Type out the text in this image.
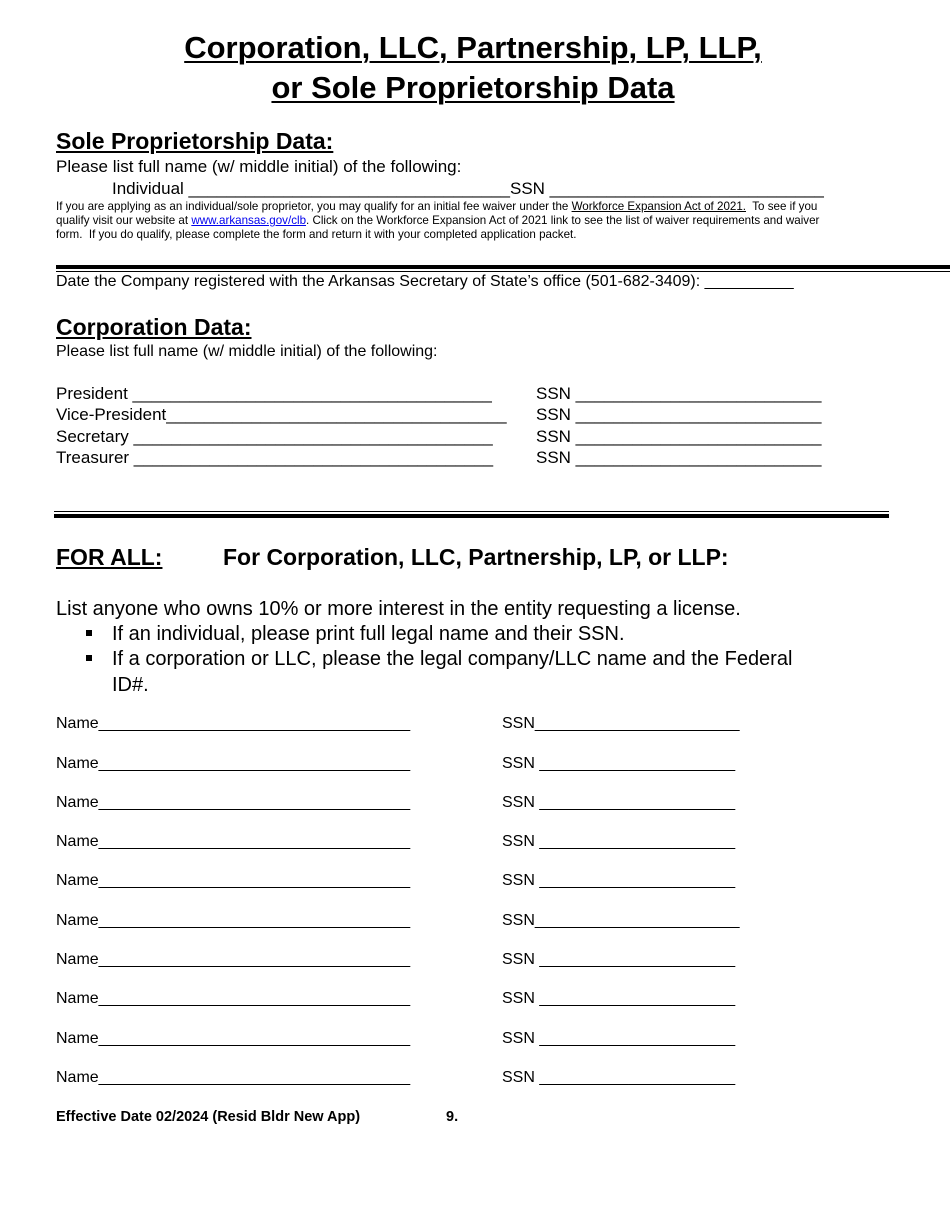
Corporation, LLC, Partnership, LP, LLP,
or Sole Proprietorship Data
Sole Proprietorship Data:
Please list full name (w/ middle initial) of the following:
Individual __________________________________SSN _____________________________
If you are applying as an individual/sole proprietor, you may qualify for an initial fee waiver under the Workforce Expansion Act of 2021.  To see if you
qualify visit our website at www.arkansas.gov/clb. Click on the Workforce Expansion Act of 2021 link to see the list of waiver requirements and waiver
form.  If you do qualify, please complete the form and return it with your completed application packet.
Date the Company registered with the Arkansas Secretary of State’s office (501-682-3409): __________
Corporation Data:
Please list full name (w/ middle initial) of the following:
President ______________________________________	SSN __________________________
Vice-President____________________________________ SSN __________________________
Secretary ______________________________________	SSN __________________________
Treasurer ______________________________________	SSN __________________________
FOR ALL:	For Corporation, LLC, Partnership, LP, or LLP:
List anyone who owns 10% or more interest in the entity requesting a license.
If an individual, please print full legal name and their SSN.
If a corporation or LLC, please the legal company/LLC name and the Federal
ID#.
Name___________________________________	SSN_______________________
Name___________________________________	SSN ______________________
Name___________________________________	SSN ______________________
Name___________________________________	SSN ______________________
Name___________________________________	SSN ______________________
Name___________________________________	SSN_______________________
Name___________________________________	SSN ______________________
Name___________________________________	SSN ______________________
Name___________________________________	SSN ______________________
Name___________________________________	SSN ______________________
Effective Date 02/2024 (Resid Bldr New App)	9.
